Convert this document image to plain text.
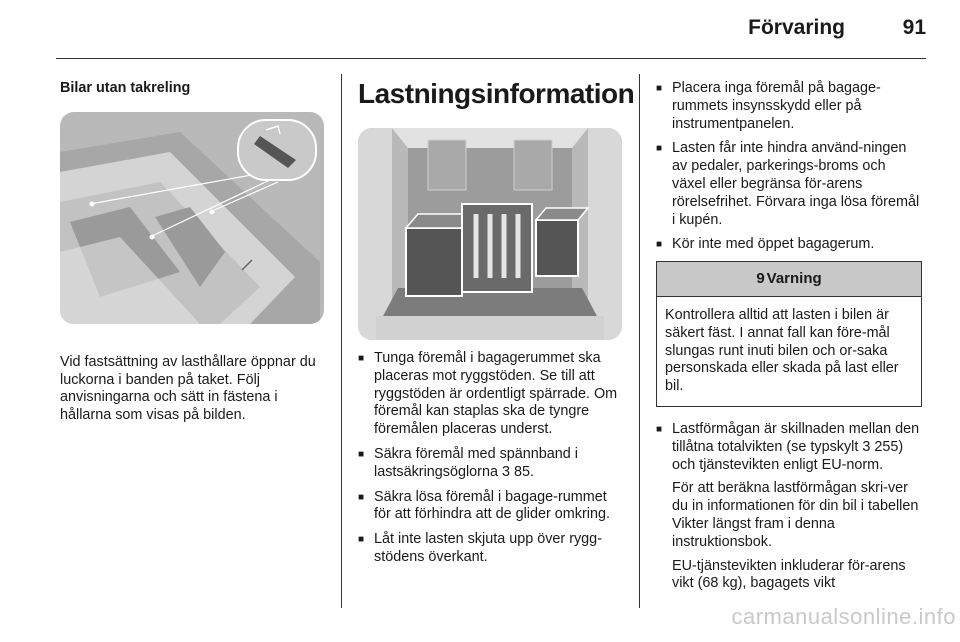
Förvaring	91
Bilar utan takreling

Vid fastsättning av lasthållare öppnar du luckorna i banden på taket. Följ anvisningarna och sätt in fästena i hållarna som visas på bilden.

Lastningsinformation
■ Tunga föremål i bagagerummet ska placeras mot ryggstöden. Se till att ryggstöden är ordentligt spärrade. Om föremål kan staplas ska de tyngre föremålen placeras underst.
■ Säkra föremål med spännband i lastsäkringsöglorna 3 85.
■ Säkra lösa föremål i bagage-rummet för att förhindra att de glider omkring.
■ Låt inte lasten skjuta upp över rygg-stödens överkant.
■ Placera inga föremål på bagage-rummets insynsskydd eller på instrumentpanelen.
■ Lasten får inte hindra använd-ningen av pedaler, parkerings-broms och växel eller begränsa för-arens rörelsefrihet. Förvara inga lösa föremål i kupén.
■ Kör inte med öppet bagagerum.
9 Varning
Kontrollera alltid att lasten i bilen är säkert fäst. I annat fall kan före-mål slungas runt inuti bilen och or-saka personskada eller skada på last eller bil.
■ Lastförmågan är skillnaden mellan den tillåtna totalvikten (se typskylt 3 255) och tjänstevikten enligt EU-norm.

För att beräkna lastförmågan skri-ver du in informationen för din bil i tabellen Vikter längst fram i denna instruktionsbok.

EU-tjänstevikten inkluderar för-arens vikt (68 kg), bagagets vikt

carmanualsonline.info
